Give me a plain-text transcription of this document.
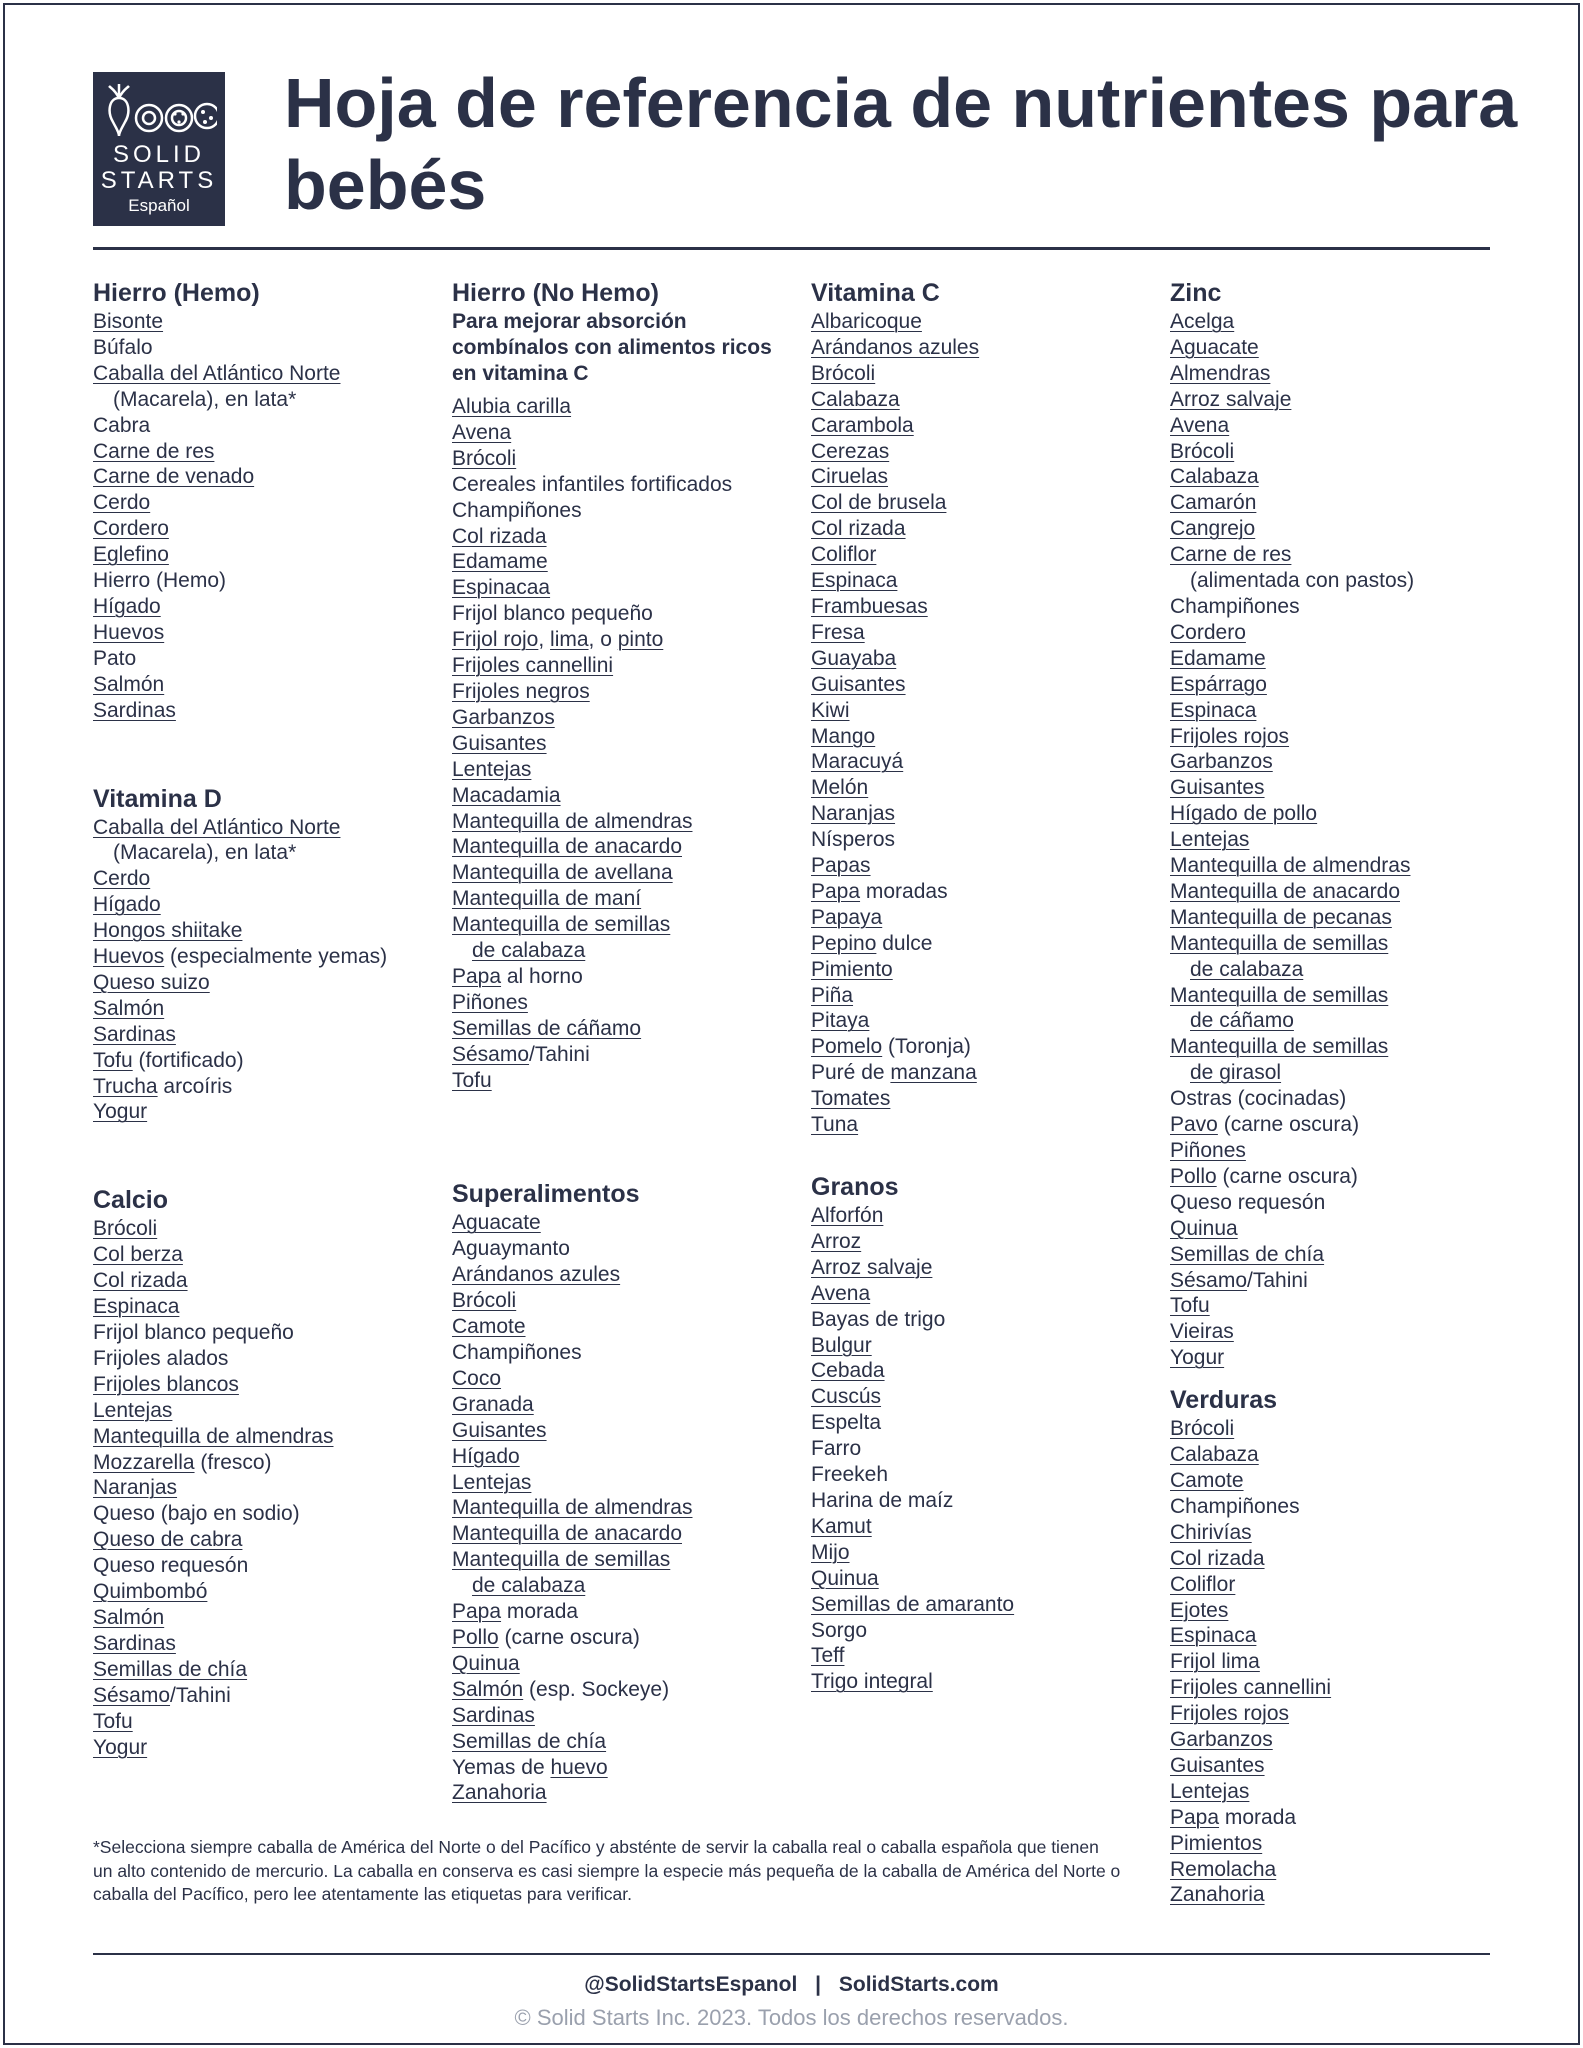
SOLID
STARTS
Español
Hoja de referencia de nutrientes para bebés
Hierro (Hemo)
Bisonte
Búfalo
Caballa del Atlántico Norte
(Macarela), en lata*
Cabra
Carne de res
Carne de venado
Cerdo
Cordero
Eglefino
Hierro (Hemo)
Hígado
Huevos
Pato
Salmón
Sardinas
Vitamina D
Caballa del Atlántico Norte
(Macarela), en lata*
Cerdo
Hígado
Hongos shiitake
Huevos (especialmente yemas)
Queso suizo
Salmón
Sardinas
Tofu (fortificado)
Trucha arcoíris
Yogur
Calcio
Brócoli
Col berza
Col rizada
Espinaca
Frijol blanco pequeño
Frijoles alados
Frijoles blancos
Lentejas
Mantequilla de almendras
Mozzarella (fresco)
Naranjas
Queso (bajo en sodio)
Queso de cabra
Queso requesón
Quimbombó
Salmón
Sardinas
Semillas de chía
Sésamo/Tahini
Tofu
Yogur
Hierro (No Hemo)

Para mejorar absorción combínalos con alimentos ricos en vitamina C

Alubia carilla
Avena
Brócoli
Cereales infantiles fortificados
Champiñones
Col rizada
Edamame
Espinacaa
Frijol blanco pequeño
Frijol rojo, lima, o pinto
Frijoles cannellini
Frijoles negros
Garbanzos
Guisantes
Lentejas
Macadamia
Mantequilla de almendras
Mantequilla de anacardo
Mantequilla de avellana
Mantequilla de maní
Mantequilla de semillas
de calabaza
Papa al horno
Piñones
Semillas de cáñamo
Sésamo/Tahini
Tofu
Superalimentos
Aguacate
Aguaymanto
Arándanos azules
Brócoli
Camote
Champiñones
Coco
Granada
Guisantes
Hígado
Lentejas
Mantequilla de almendras
Mantequilla de anacardo
Mantequilla de semillas
de calabaza
Papa morada
Pollo (carne oscura)
Quinua
Salmón (esp. Sockeye)
Sardinas
Semillas de chía
Yemas de huevo
Zanahoria
Vitamina C
Albaricoque
Arándanos azules
Brócoli
Calabaza
Carambola
Cerezas
Ciruelas
Col de brusela
Col rizada
Coliflor
Espinaca
Frambuesas
Fresa
Guayaba
Guisantes
Kiwi
Mango
Maracuyá
Melón
Naranjas
Nísperos
Papas
Papa moradas
Papaya
Pepino dulce
Pimiento
Piña
Pitaya
Pomelo (Toronja)
Puré de manzana
Tomates
Tuna
Granos
Alforfón
Arroz
Arroz salvaje
Avena
Bayas de trigo
Bulgur
Cebada
Cuscús
Espelta
Farro
Freekeh
Harina de maíz
Kamut
Mijo
Quinua
Semillas de amaranto
Sorgo
Teff
Trigo integral
Zinc
Acelga
Aguacate
Almendras
Arroz salvaje
Avena
Brócoli
Calabaza
Camarón
Cangrejo
Carne de res
(alimentada con pastos)
Champiñones
Cordero
Edamame
Espárrago
Espinaca
Frijoles rojos
Garbanzos
Guisantes
Hígado de pollo
Lentejas
Mantequilla de almendras
Mantequilla de anacardo
Mantequilla de pecanas
Mantequilla de semillas
de calabaza
Mantequilla de semillas
de cáñamo
Mantequilla de semillas
de girasol
Ostras (cocinadas)
Pavo (carne oscura)
Piñones
Pollo (carne oscura)
Queso requesón
Quinua
Semillas de chía
Sésamo/Tahini
Tofu
Vieiras
Yogur
Verduras
Brócoli
Calabaza
Camote
Champiñones
Chirivías
Col rizada
Coliflor
Ejotes
Espinaca
Frijol lima
Frijoles cannellini
Frijoles rojos
Garbanzos
Guisantes
Lentejas
Papa morada
Pimientos
Remolacha
Zanahoria

*Selecciona siempre caballa de América del Norte o del Pacífico y absténte de servir la caballa real o caballa española que tienen un alto contenido de mercurio. La caballa en conserva es casi siempre la especie más pequeña de la caballa de América del Norte o caballa del Pacífico, pero lee atentamente las etiquetas para verificar.

@SolidStartsEspanol | SolidStarts.com
© Solid Starts Inc. 2023. Todos los derechos reservados.
